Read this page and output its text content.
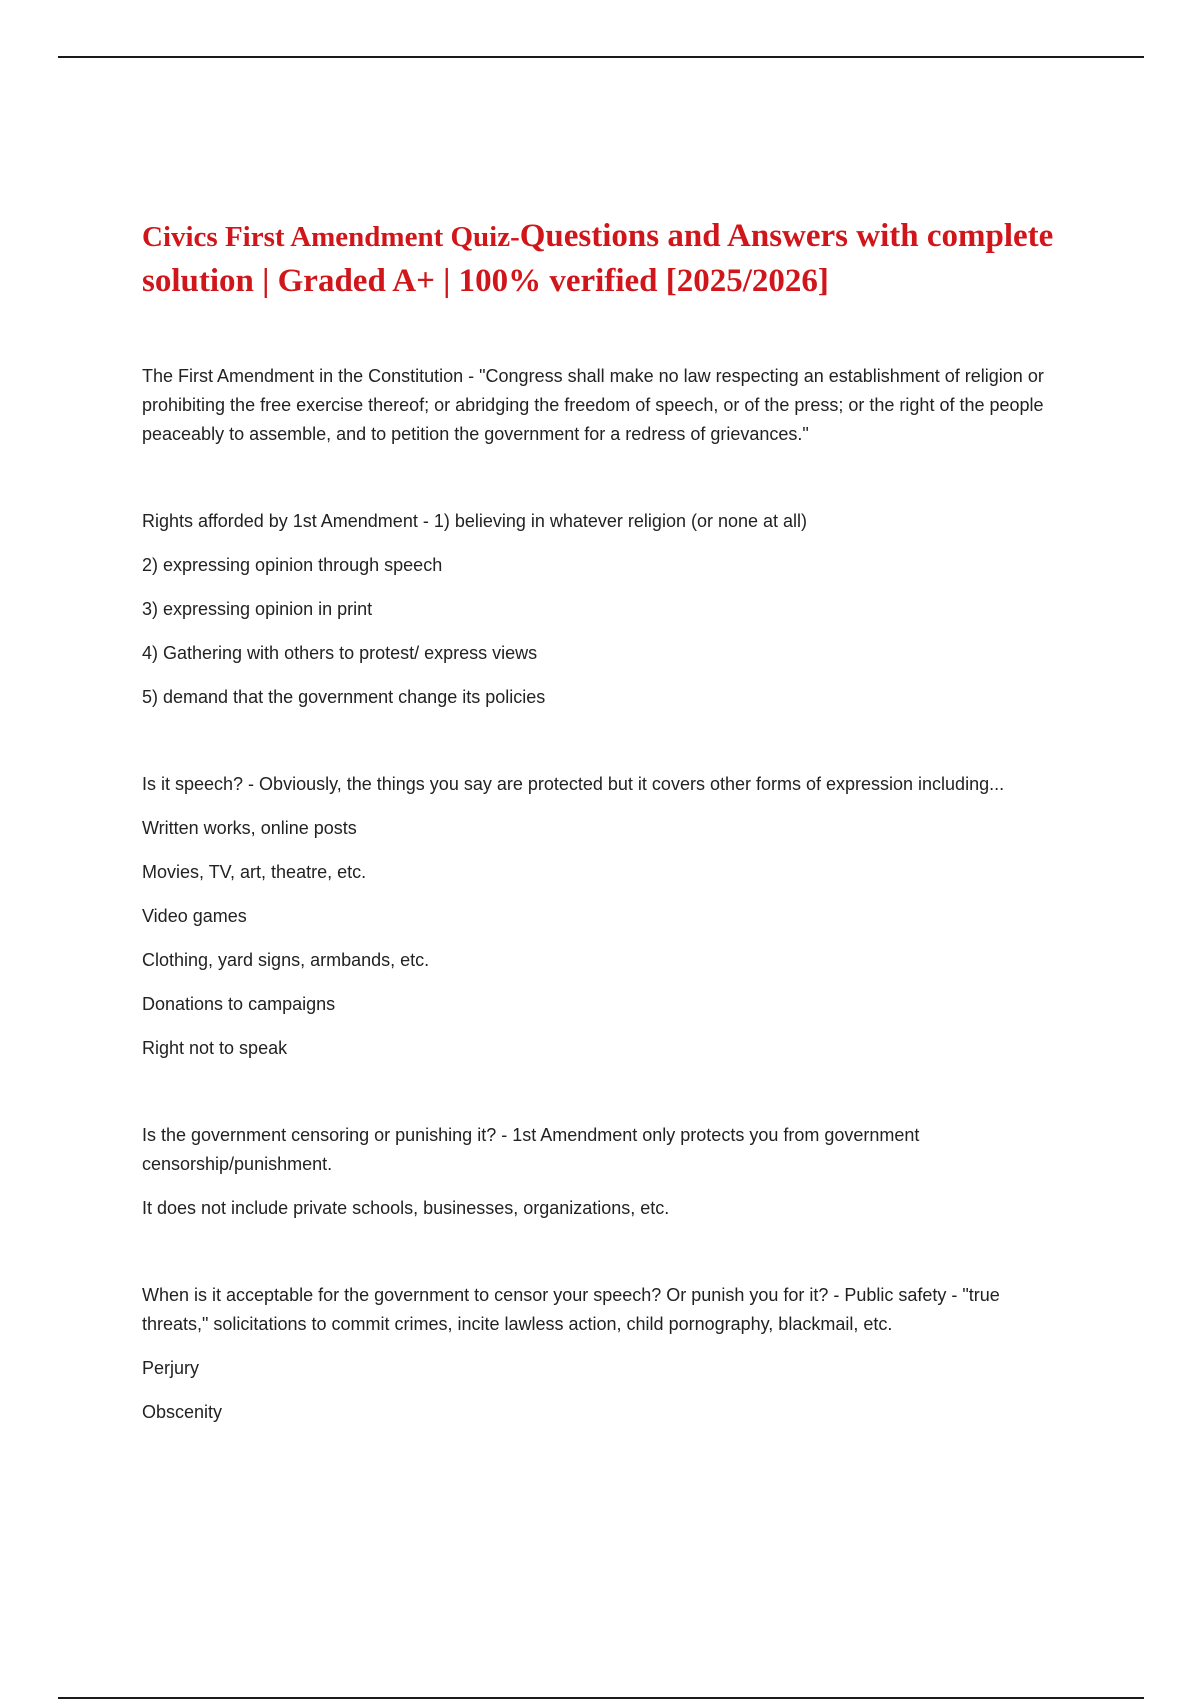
Civics First Amendment Quiz-Questions and Answers with complete solution | Graded A+ | 100% verified [2025/2026]

The First Amendment in the Constitution - "Congress shall make no law respecting an establishment of religion or prohibiting the free exercise thereof; or abridging the freedom of speech, or of the press; or the right of the people peaceably to assemble, and to petition the government for a redress of grievances."

Rights afforded by 1st Amendment - 1) believing in whatever religion (or none at all)

2) expressing opinion through speech

3) expressing opinion in print

4) Gathering with others to protest/ express views

5) demand that the government change its policies

Is it speech? - Obviously, the things you say are protected but it covers other forms of expression including...

Written works, online posts

Movies, TV, art, theatre, etc.

Video games

Clothing, yard signs, armbands, etc.

Donations to campaigns

Right not to speak

Is the government censoring or punishing it? - 1st Amendment only protects you from government censorship/punishment.

It does not include private schools, businesses, organizations, etc.

When is it acceptable for the government to censor your speech? Or punish you for it? - Public safety - "true threats," solicitations to commit crimes, incite lawless action, child pornography, blackmail, etc.

Perjury

Obscenity
